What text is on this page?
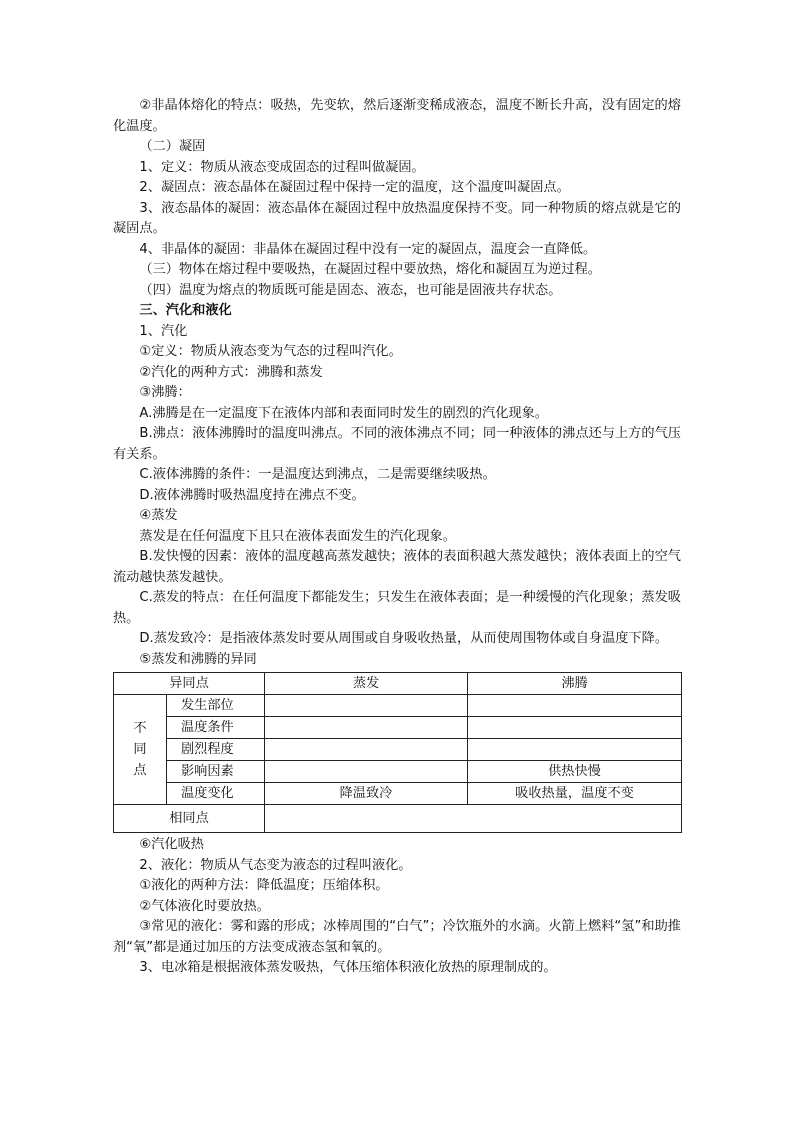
②非晶体熔化的特点：吸热，先变软，然后逐渐变稀成液态，温度不断长升高，没有固定的熔化温度。

（二）凝固

1、定义：物质从液态变成固态的过程叫做凝固。

2、凝固点：液态晶体在凝固过程中保持一定的温度，这个温度叫凝固点。

3、液态晶体的凝固：液态晶体在凝固过程中放热温度保持不变。同一种物质的熔点就是它的凝固点。

4、非晶体的凝固：非晶体在凝固过程中没有一定的凝固点，温度会一直降低。

（三）物体在熔过程中要吸热，在凝固过程中要放热，熔化和凝固互为逆过程。

（四）温度为熔点的物质既可能是固态、液态，也可能是固液共存状态。

三、汽化和液化

1、汽化

①定义：物质从液态变为气态的过程叫汽化。

②汽化的两种方式：沸腾和蒸发

③沸腾：

A.沸腾是在一定温度下在液体内部和表面同时发生的剧烈的汽化现象。

B.沸点：液体沸腾时的温度叫沸点。不同的液体沸点不同；同一种液体的沸点还与上方的气压有关系。

C.液体沸腾的条件：一是温度达到沸点，二是需要继续吸热。

D.液体沸腾时吸热温度持在沸点不变。

④蒸发

蒸发是在任何温度下且只在液体表面发生的汽化现象。

B.发快慢的因素：液体的温度越高蒸发越快；液体的表面积越大蒸发越快；液体表面上的空气流动越快蒸发越快。

C.蒸发的特点：在任何温度下都能发生；只发生在液体表面；是一种缓慢的汽化现象；蒸发吸热。

D.蒸发致冷：是指液体蒸发时要从周围或自身吸收热量，从而使周围物体或自身温度下降。

⑤蒸发和沸腾的异同

异同点		蒸发	沸腾

不
同
点	发生部位		
	温度条件		
	剧烈程度		
	影响因素		供热快慢
	温度变化	降温致冷	吸收热量，温度不变
相同点			

⑥汽化吸热

2、液化：物质从气态变为液态的过程叫液化。

①液化的两种方法：降低温度；压缩体积。

②气体液化时要放热。

③常见的液化：雾和露的形成；冰棒周围的“白气”；冷饮瓶外的水滴。火箭上燃料“氢”和助推剂“氧”都是通过加压的方法变成液态氢和氧的。

3、电冰箱是根据液体蒸发吸热，气体压缩体积液化放热的原理制成的。
